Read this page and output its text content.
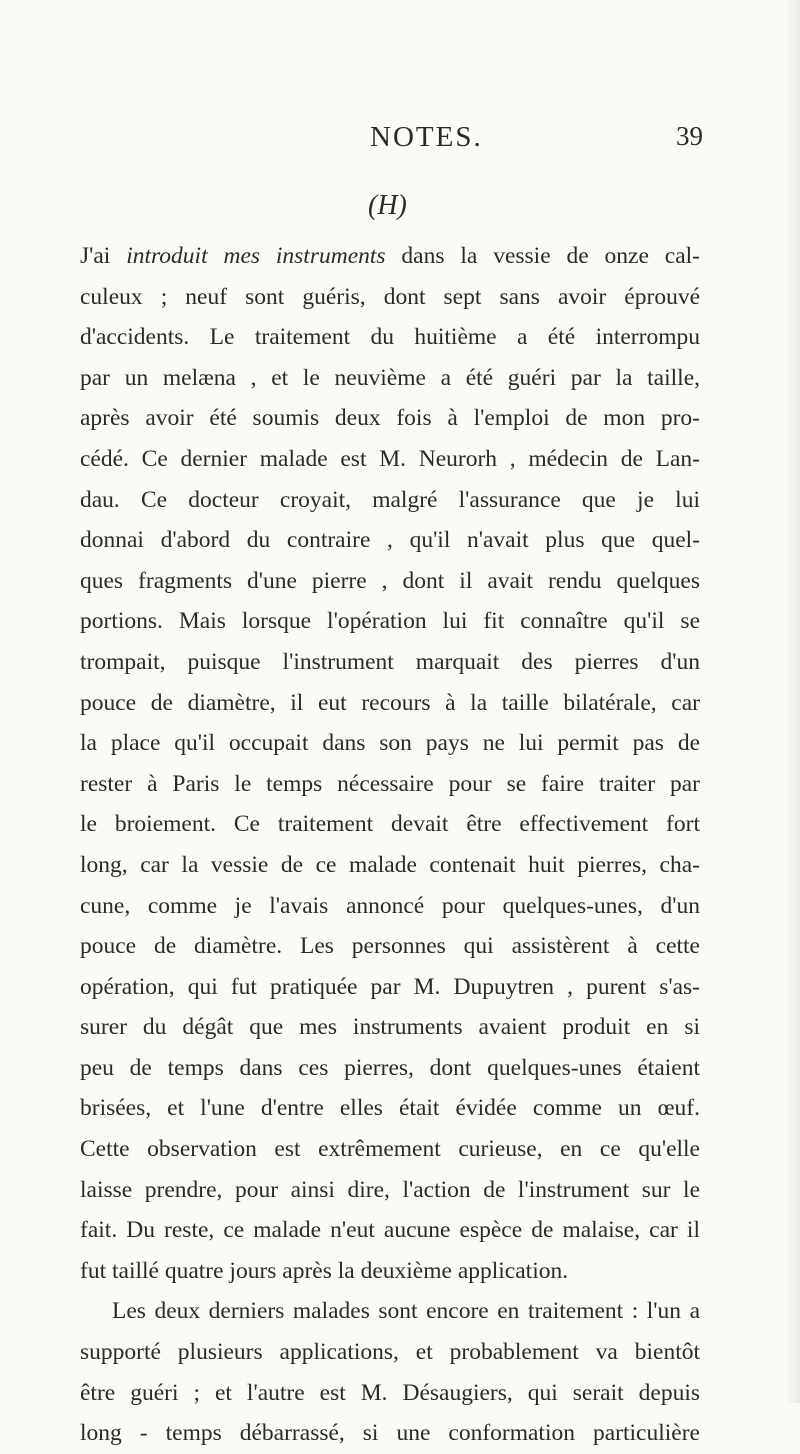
NOTES.	39
(H)
J'ai introduit mes instruments dans la vessie de onze cal-
culeux ; neuf sont guéris, dont sept sans avoir éprouvé
d'accidents. Le traitement du huitième a été interrompu
par un melæna , et le neuvième a été guéri par la taille,
après avoir été soumis deux fois à l'emploi de mon pro-
cédé. Ce dernier malade est M. Neurorh , médecin de Lan-
dau. Ce docteur croyait, malgré l'assurance que je lui
donnai d'abord du contraire , qu'il n'avait plus que quel-
ques fragments d'une pierre , dont il avait rendu quelques
portions. Mais lorsque l'opération lui fit connaître qu'il se
trompait, puisque l'instrument marquait des pierres d'un
pouce de diamètre, il eut recours à la taille bilatérale, car
la place qu'il occupait dans son pays ne lui permit pas de
rester à Paris le temps nécessaire pour se faire traiter par
le broiement. Ce traitement devait être effectivement fort
long, car la vessie de ce malade contenait huit pierres, cha-
cune, comme je l'avais annoncé pour quelques-unes, d'un
pouce de diamètre. Les personnes qui assistèrent à cette
opération, qui fut pratiquée par M. Dupuytren , purent s'as-
surer du dégât que mes instruments avaient produit en si
peu de temps dans ces pierres, dont quelques-unes étaient
brisées, et l'une d'entre elles était évidée comme un œuf.
Cette observation est extrêmement curieuse, en ce qu'elle
laisse prendre, pour ainsi dire, l'action de l'instrument sur le
fait. Du reste, ce malade n'eut aucune espèce de malaise, car il
fut taillé quatre jours après la deuxième application.
Les deux derniers malades sont encore en traitement : l'un a
supporté plusieurs applications, et probablement va bientôt
être guéri ; et l'autre est M. Désaugiers, qui serait depuis
long - temps débarrassé, si une conformation particulière
